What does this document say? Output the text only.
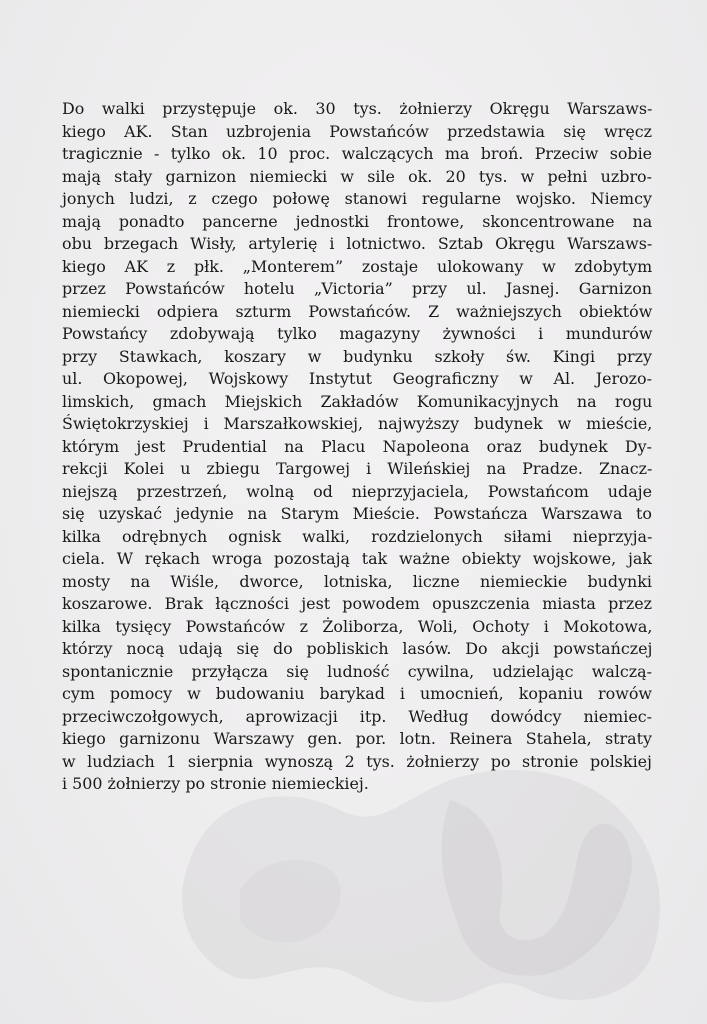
Do walki przystępuje ok. 30 tys. żołnierzy Okręgu Warszaws-
kiego AK. Stan uzbrojenia Powstańców przedstawia się wręcz
tragicznie - tylko ok. 10 proc. walczących ma broń. Przeciw sobie
mają stały garnizon niemiecki w sile ok. 20 tys. w pełni uzbro-
jonych ludzi, z czego połowę stanowi regularne wojsko. Niemcy
mają ponadto pancerne jednostki frontowe, skoncentrowane na
obu brzegach Wisły, artylerię i lotnictwo. Sztab Okręgu Warszaws-
kiego AK z płk. „Monterem” zostaje ulokowany w zdobytym
przez Powstańców hotelu „Victoria” przy ul. Jasnej. Garnizon
niemiecki odpiera szturm Powstańców. Z ważniejszych obiektów
Powstańcy zdobywają tylko magazyny żywności i mundurów
przy Stawkach, koszary w budynku szkoły św. Kingi przy
ul. Okopowej, Wojskowy Instytut Geograficzny w Al. Jerozo-
limskich, gmach Miejskich Zakładów Komunikacyjnych na rogu
Świętokrzyskiej i Marszałkowskiej, najwyższy budynek w mieście,
którym jest Prudential na Placu Napoleona oraz budynek Dy-
rekcji Kolei u zbiegu Targowej i Wileńskiej na Pradze. Znacz-
niejszą przestrzeń, wolną od nieprzyjaciela, Powstańcom udaje
się uzyskać jedynie na Starym Mieście. Powstańcza Warszawa to
kilka odrębnych ognisk walki, rozdzielonych siłami nieprzyja-
ciela. W rękach wroga pozostają tak ważne obiekty wojskowe, jak
mosty na Wiśle, dworce, lotniska, liczne niemieckie budynki
koszarowe. Brak łączności jest powodem opuszczenia miasta przez
kilka tysięcy Powstańców z Żoliborza, Woli, Ochoty i Mokotowa,
którzy nocą udają się do pobliskich lasów. Do akcji powstańczej
spontanicznie przyłącza się ludność cywilna, udzielając walczą-
cym pomocy w budowaniu barykad i umocnień, kopaniu rowów
przeciwczołgowych, aprowizacji itp. Według dowódcy niemiec-
kiego garnizonu Warszawy gen. por. lotn. Reinera Stahela, straty
w ludziach 1 sierpnia wynoszą 2 tys. żołnierzy po stronie polskiej
i 500 żołnierzy po stronie niemieckiej.
